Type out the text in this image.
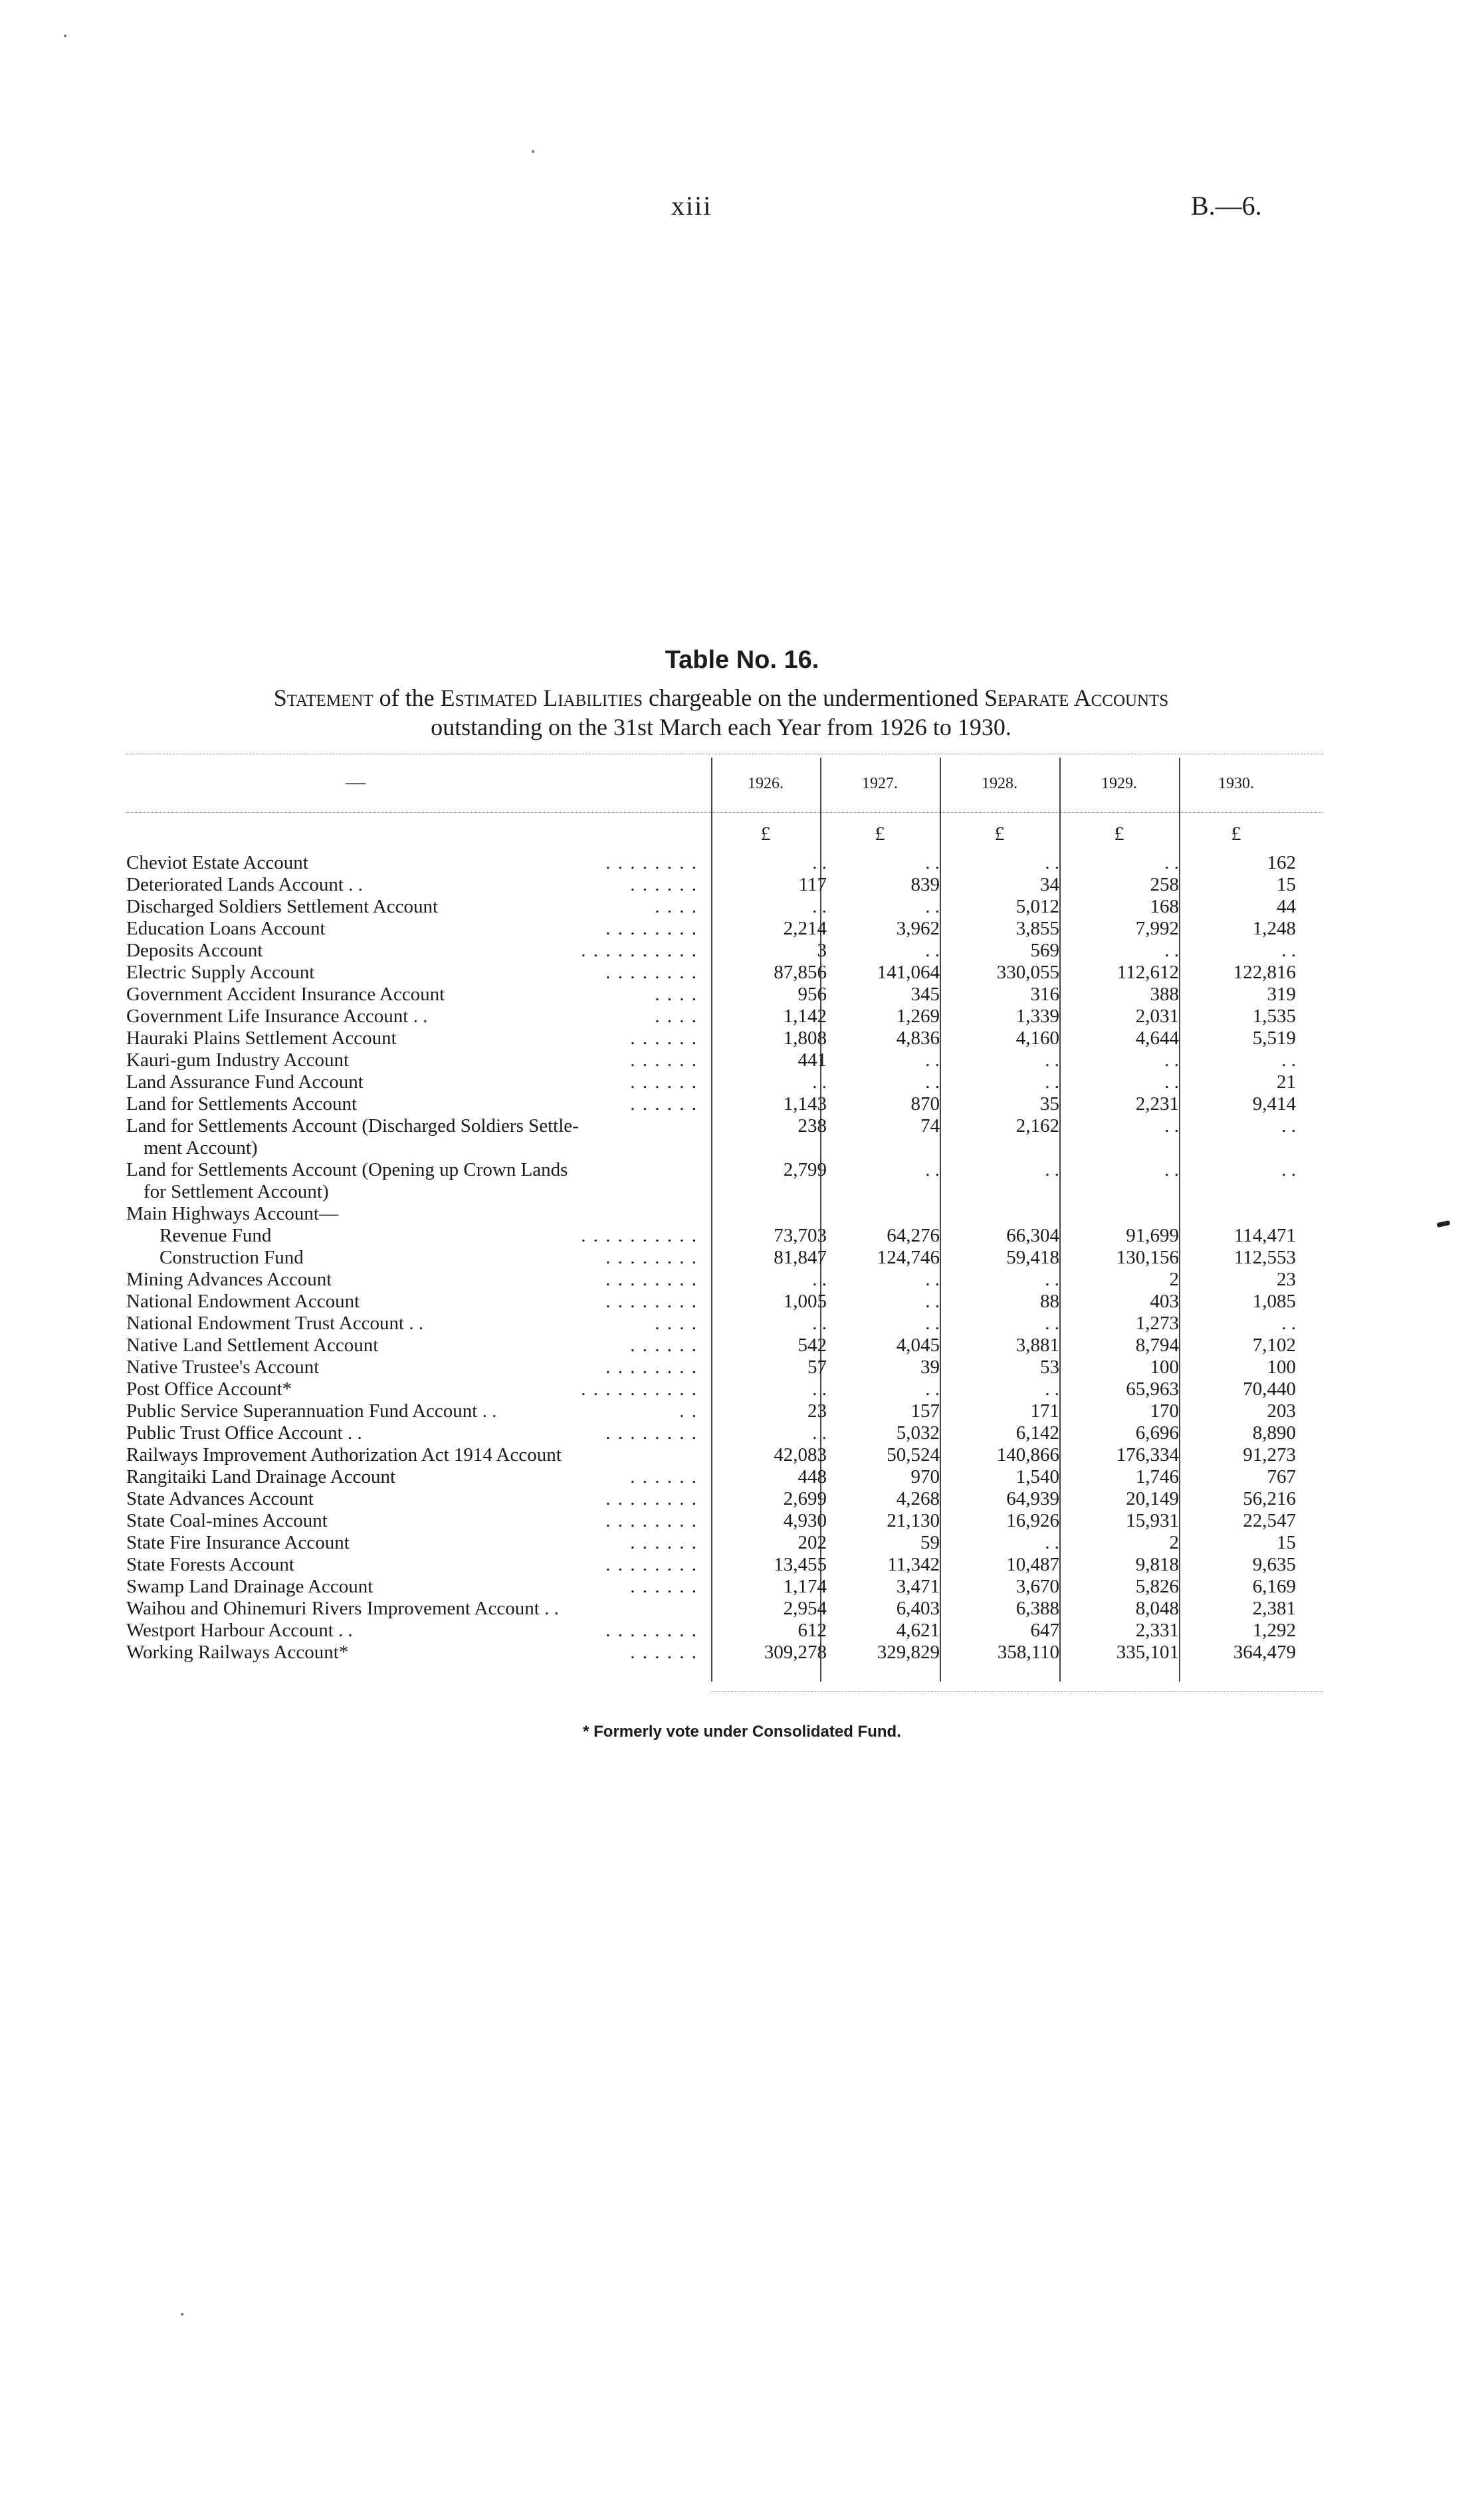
xiii	B.—6.
Table No. 16.
Statement of the Estimated Liabilities chargeable on the undermentioned Separate Accounts
outstanding on the 31st March each Year from 1926 to 1930.
—	1926.	1927.	1928.	1929.	1930.
£	£	£	£	£
Cheviot Estate Account	. . . . . . . .	. .	. .	. .	. .	162
Deteriorated Lands Account . .	. . . . . .	117	839	34	258	15
Discharged Soldiers Settlement Account	. . . .	. .	. .	5,012	168	44
Education Loans Account	. . . . . . . .	2,214	3,962	3,855	7,992	1,248
Deposits Account	. . . . . . . . . .	3	. .	569	. .	. .
Electric Supply Account	. . . . . . . .	87,856	141,064	330,055	112,612	122,816
Government Accident Insurance Account	. . . .	956	345	316	388	319
Government Life Insurance Account . .	. . . .	1,142	1,269	1,339	2,031	1,535
Hauraki Plains Settlement Account	. . . . . .	1,808	4,836	4,160	4,644	5,519
Kauri-gum Industry Account	. . . . . .	441	. .	. .	. .	. .
Land Assurance Fund Account	. . . . . .	. .	. .	. .	. .	21
Land for Settlements Account	. . . . . .	1,143	870	35	2,231	9,414
Land for Settlements Account (Discharged Soldiers Settle-
ment Account)
238	74	2,162	. .	. .
Land for Settlements Account (Opening up Crown Lands
for Settlement Account)
2,799	. .	. .	. .	. .
Main Highways Account—
Revenue Fund	. . . . . . . . . .	73,703	64,276	66,304	91,699	114,471
Construction Fund	. . . . . . . .	81,847	124,746	59,418	130,156	112,553
Mining Advances Account	. . . . . . . .	. .	. .	. .	2	23
National Endowment Account	. . . . . . . .	1,005	. .	88	403	1,085
National Endowment Trust Account . .	. . . .	. .	. .	. .	1,273	. .
Native Land Settlement Account	. . . . . .	542	4,045	3,881	8,794	7,102
Native Trustee's Account	. . . . . . . .	57	39	53	100	100
Post Office Account*	. . . . . . . . . .	. .	. .	. .	65,963	70,440
Public Service Superannuation Fund Account . .	. .	23	157	171	170	203
Public Trust Office Account . .	. . . . . . . .	. .	5,032	6,142	6,696	8,890
Railways Improvement Authorization Act 1914 Account	42,083	50,524	140,866	176,334	91,273
Rangitaiki Land Drainage Account	. . . . . .	448	970	1,540	1,746	767
State Advances Account	. . . . . . . .	2,699	4,268	64,939	20,149	56,216
State Coal-mines Account	. . . . . . . .	4,930	21,130	16,926	15,931	22,547
State Fire Insurance Account	. . . . . .	202	59	. .	2	15
State Forests Account	. . . . . . . .	13,455	11,342	10,487	9,818	9,635
Swamp Land Drainage Account	. . . . . .	1,174	3,471	3,670	5,826	6,169
Waihou and Ohinemuri Rivers Improvement Account . .	2,954	6,403	6,388	8,048	2,381
Westport Harbour Account . .	. . . . . . . .	612	4,621	647	2,331	1,292
Working Railways Account*	. . . . . .	309,278	329,829	358,110	335,101	364,479
* Formerly vote under Consolidated Fund.
